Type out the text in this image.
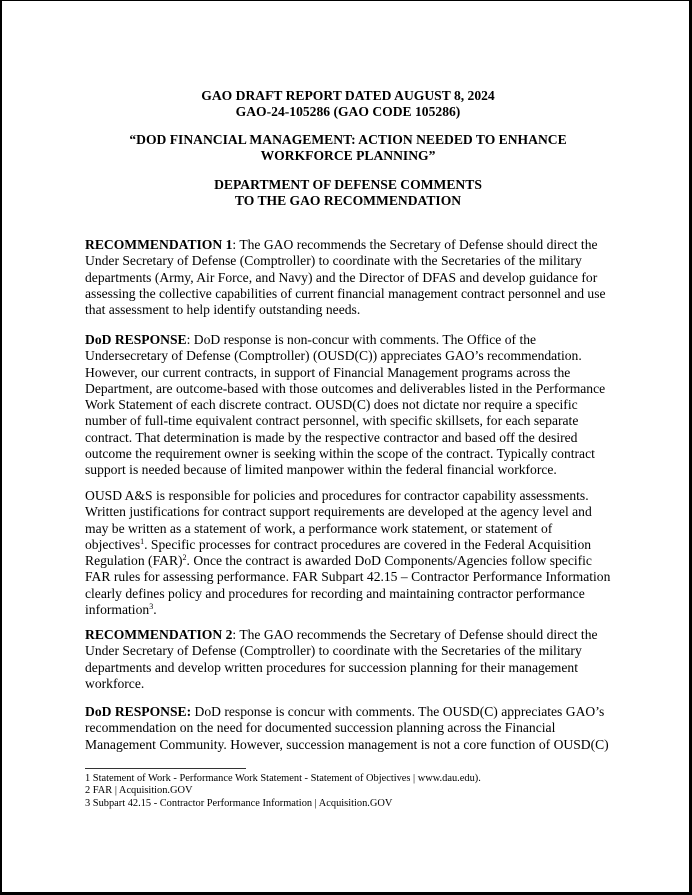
GAO DRAFT REPORT DATED AUGUST 8, 2024
GAO-24-105286 (GAO CODE 105286)
“DOD FINANCIAL MANAGEMENT: ACTION NEEDED TO ENHANCE
WORKFORCE PLANNING”
DEPARTMENT OF DEFENSE COMMENTS
TO THE GAO RECOMMENDATION
RECOMMENDATION 1: The GAO recommends the Secretary of Defense should direct the
Under Secretary of Defense (Comptroller) to coordinate with the Secretaries of the military
departments (Army, Air Force, and Navy) and the Director of DFAS and develop guidance for
assessing the collective capabilities of current financial management contract personnel and use
that assessment to help identify outstanding needs.
DoD RESPONSE: DoD response is non-concur with comments. The Office of the
Undersecretary of Defense (Comptroller) (OUSD(C)) appreciates GAO’s recommendation.
However, our current contracts, in support of Financial Management programs across the
Department, are outcome-based with those outcomes and deliverables listed in the Performance
Work Statement of each discrete contract. OUSD(C) does not dictate nor require a specific
number of full-time equivalent contract personnel, with specific skillsets, for each separate
contract. That determination is made by the respective contractor and based off the desired
outcome the requirement owner is seeking within the scope of the contract. Typically contract
support is needed because of limited manpower within the federal financial workforce.
OUSD A&S is responsible for policies and procedures for contractor capability assessments.
Written justifications for contract support requirements are developed at the agency level and
may be written as a statement of work, a performance work statement, or statement of
objectives$^1$. Specific processes for contract procedures are covered in the Federal Acquisition
Regulation (FAR)$^2$. Once the contract is awarded DoD Components/Agencies follow specific
FAR rules for assessing performance. FAR Subpart 42.15 – Contractor Performance Information
clearly defines policy and procedures for recording and maintaining contractor performance
information$^3$.
RECOMMENDATION 2: The GAO recommends the Secretary of Defense should direct the
Under Secretary of Defense (Comptroller) to coordinate with the Secretaries of the military
departments and develop written procedures for succession planning for their management
workforce.
DoD RESPONSE: DoD response is concur with comments. The OUSD(C) appreciates GAO’s
recommendation on the need for documented succession planning across the Financial
Management Community. However, succession management is not a core function of OUSD(C)
1 Statement of Work - Performance Work Statement - Statement of Objectives | www.dau.edu).
2 FAR | Acquisition.GOV
3 Subpart 42.15 - Contractor Performance Information | Acquisition.GOV
